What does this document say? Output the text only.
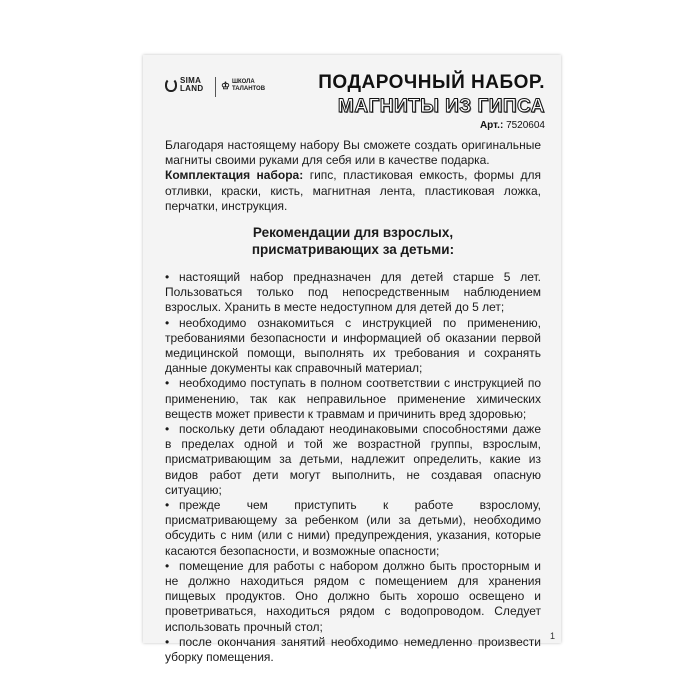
SIMA LAND	♔ ШКОЛА ТАЛАНТОВ	ПОДАРОЧНЫЙ НАБОР.
МАГНИТЫ ИЗ ГИПСА
Арт.: 7520604

Благодаря настоящему набору Вы сможете создать оригинальные магниты своими руками для себя или в качестве подарка.

Комплектация набора: гипс, пластиковая емкость, формы для отливки, краски, кисть, магнитная лента, пластиковая ложка, перчатки, инструкция.

Рекомендации для взрослых,
присматривающих за детьми:

• настоящий набор предназначен для детей старше 5 лет. Пользоваться только под непосредственным наблюдением взрослых. Хранить в месте недоступном для детей до 5 лет;

• необходимо ознакомиться с инструкцией по применению, требованиями безопасности и информацией об оказании первой медицинской помощи, выполнять их требования и сохранять данные документы как справочный материал;

• необходимо поступать в полном соответствии с инструкцией по применению, так как неправильное применение химических веществ может привести к травмам и причинить вред здоровью;

• поскольку дети обладают неодинаковыми способностями даже в пределах одной и той же возрастной группы, взрослым, присматривающим за детьми, надлежит определить, какие из видов работ дети могут выполнить, не создавая опасную ситуацию;

• прежде чем приступить к работе взрослому, присматривающему за ребенком (или за детьми), необходимо обсудить с ним (или с ними) предупреждения, указания, которые касаются безопасности, и возможные опасности;

• помещение для работы с набором должно быть просторным и не должно находиться рядом с помещением для хранения пищевых продуктов. Оно должно быть хорошо освещено и проветриваться, находиться рядом с водопроводом. Следует использовать прочный стол;

• после окончания занятий необходимо немедленно произвести уборку помещения.

1
